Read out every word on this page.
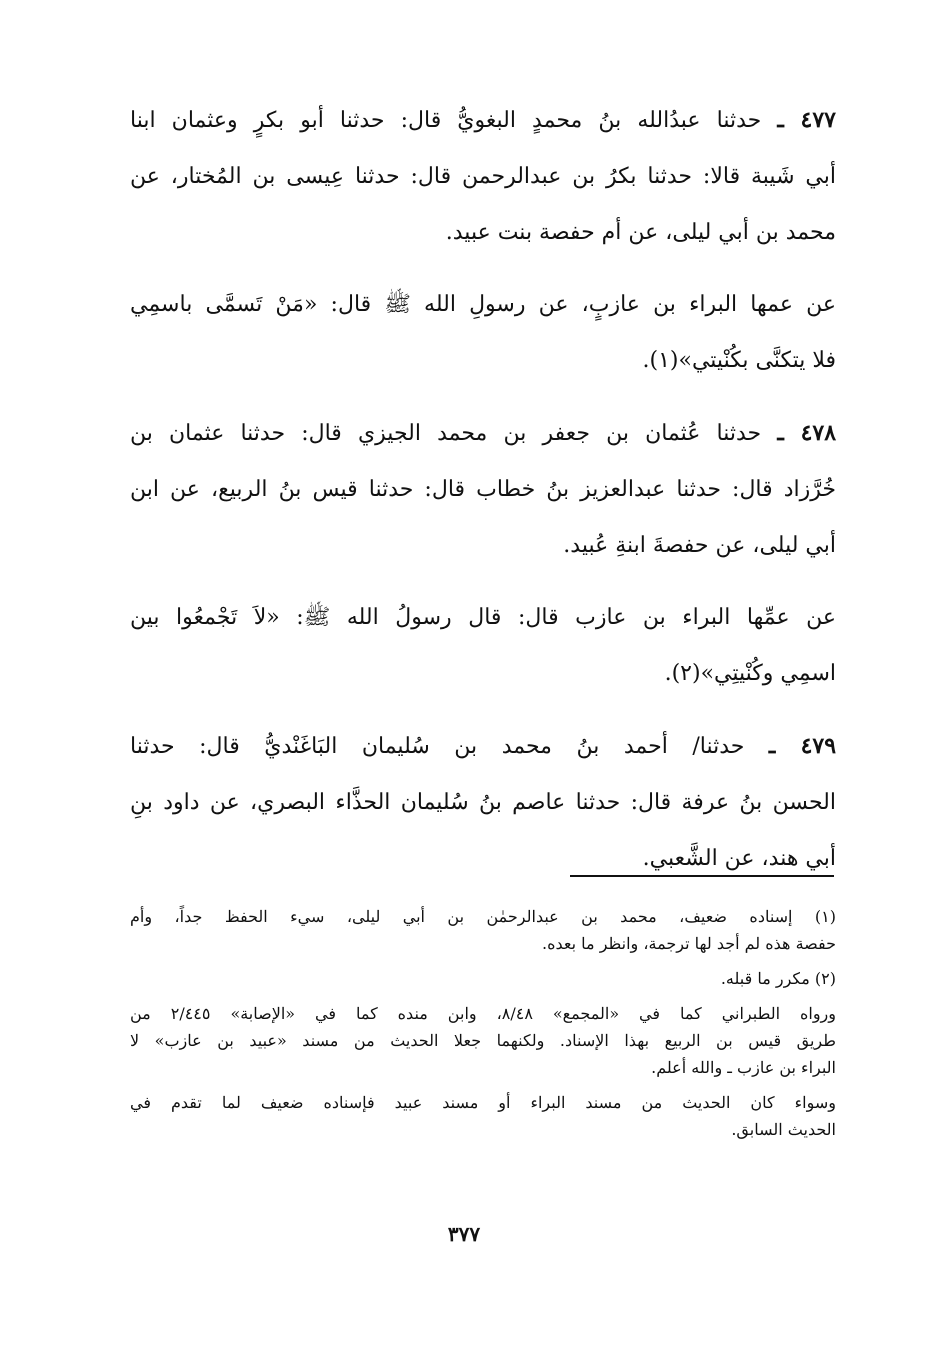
٤٧٧ ـ حدثنا عبدُالله بنُ محمدٍ البغويُّ قال: حدثنا أبو بكرٍ وعثمان ابنا
أبي شَيبة قالا: حدثنا بكرُ بن عبدالرحمن قال: حدثنا عِيسى بن المُختار، عن
محمد بن أبي ليلى، عن أم حفصة بنت عبيد.
عن عمها البراء بن عازبٍ، عن رسولِ الله ﷺ قال: «مَنْ تَسمَّى باسمِي
فلا يتكنَّى بكُنْيتي»(١).
٤٧٨ ـ حدثنا عُثمان بن جعفر بن محمد الجيزي قال: حدثنا عثمان بن
خُرَّزاد قال: حدثنا عبدالعزيز بنُ خطاب قال: حدثنا قيس بنُ الربيع، عن ابن
أبي ليلى، عن حفصةَ ابنةِ عُبيد.
عن عمِّها البراء بن عازب قال: قال رسولُ الله ﷺ: «لاَ تَجْمعُوا بين
اسمِي وكُنْيتِي»(٢).
٤٧٩ ـ حدثنا/ أحمد بنُ محمد بن سُليمان البَاغَنْديُّ قال: حدثنا
الحسن بنُ عرفة قال: حدثنا عاصم بنُ سُليمان الحذَّاء البصري، عن داود بنِ
أبي هند، عن الشَّعبي.
(١) إسناده ضعيف، محمد بن عبدالرحمٰن بن أبي ليلى، سيء الحفظ جداً، وأم
حفصة هذه لم أجد لها ترجمة، وانظر ما بعده.
(٢) مكرر ما قبله.
ورواه الطبراني كما في «المجمع» ٨/٤٨، وابن منده كما في «الإصابة» ٢/٤٤٥ من
طريق قيس بن الربيع بهذا الإسناد. ولكنهما جعلا الحديث من مسند «عبيد بن عازب» لا
البراء بن عازب ـ والله أعلم.
وسواء كان الحديث من مسند البراء أو مسند عبيد فإسناده ضعيف لما تقدم في
الحديث السابق.
٣٧٧
